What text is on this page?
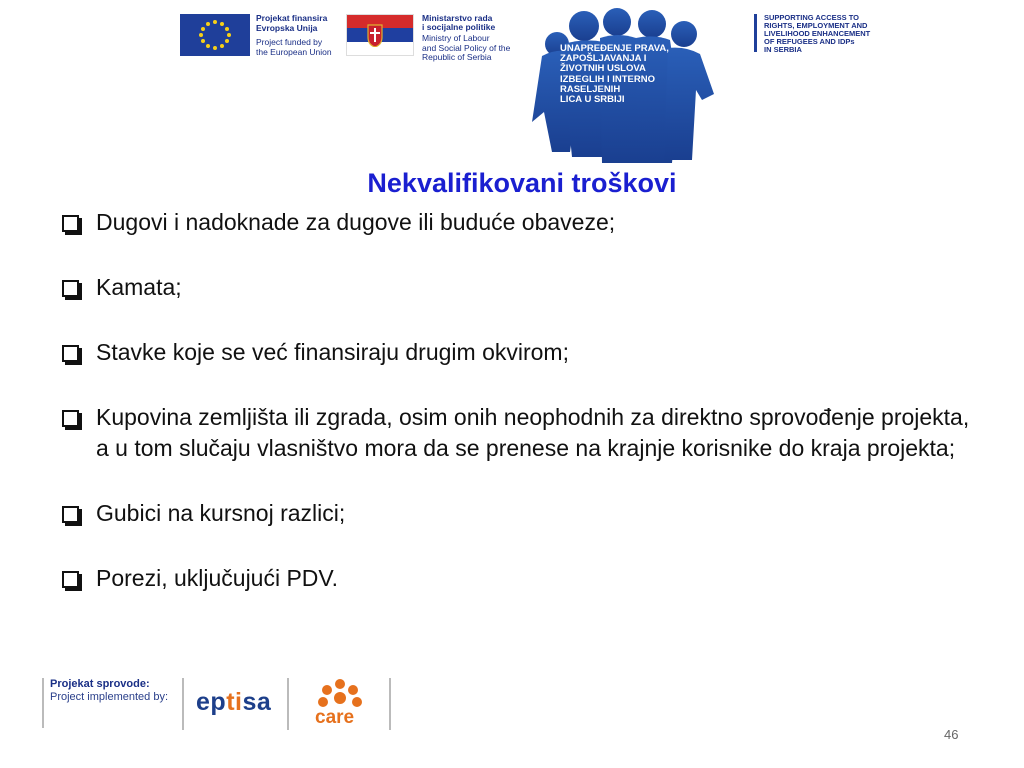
Projekat finansira
Evropska Unija
Project funded by
the European Union
Ministarstvo rada
i socijalne politike
Ministry of Labour
and Social Policy of the Republic of Serbia
UNAPREĐENJE PRAVA,
ZAPOŠLJAVANJA I
ŽIVOTNIH USLOVA
IZBEGLIH I INTERNO
RASELJENIH
LICA U SRBIJI
SUPPORTING ACCESS TO
RIGHTS, EMPLOYMENT AND
LIVELIHOOD ENHANCEMENT
OF REFUGEES AND IDPs
IN SERBIA
Nekvalifikovani troškovi
Dugovi i nadoknade za dugove ili buduće obaveze;
Kamata;
Stavke koje se već finansiraju drugim okvirom;
Kupovina zemljišta ili zgrada, osim onih neophodnih za direktno sprovođenje projekta, a u tom slučaju vlasništvo mora da se prenese na krajnje korisnike do kraja projekta;
Gubici na kursnoj razlici;
Porezi, uključujući PDV.
Projekat sprovode:
Project implemented by: eptisa
care
46
